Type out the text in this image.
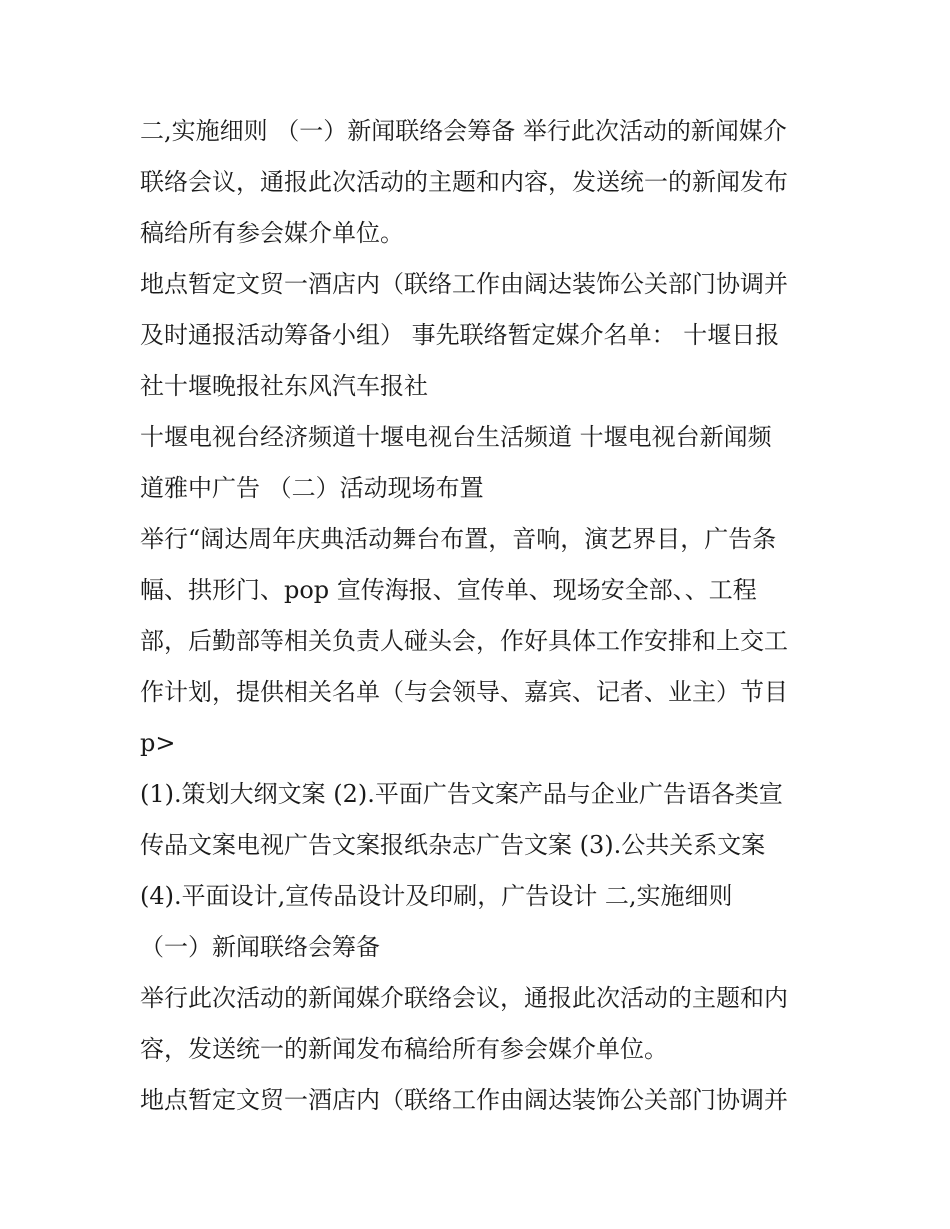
二,实施细则 （一）新闻联络会筹备 举行此次活动的新闻媒介
联络会议，通报此次活动的主题和内容，发送统一的新闻发布
稿给所有参会媒介单位。
地点暂定文贸一酒店内（联络工作由阔达装饰公关部门协调并
及时通报活动筹备小组） 事先联络暂定媒介名单： 十堰日报
社十堰晚报社东风汽车报社
十堰电视台经济频道十堰电视台生活频道 十堰电视台新闻频
道雅中广告 （二）活动现场布置
举行“阔达周年庆典活动舞台布置，音响，演艺界目，广告条
幅、拱形门、pop 宣传海报、宣传单、现场安全部、、工程
部，后勤部等相关负责人碰头会，作好具体工作安排和上交工
作计划，提供相关名单（与会领导、嘉宾、记者、业主）节目
p>
(1).策划大纲文案 (2).平面广告文案产品与企业广告语各类宣
传品文案电视广告文案报纸杂志广告文案 (3).公共关系文案
(4).平面设计,宣传品设计及印刷，广告设计 二,实施细则
（一）新闻联络会筹备
举行此次活动的新闻媒介联络会议，通报此次活动的主题和内
容，发送统一的新闻发布稿给所有参会媒介单位。
地点暂定文贸一酒店内（联络工作由阔达装饰公关部门协调并
